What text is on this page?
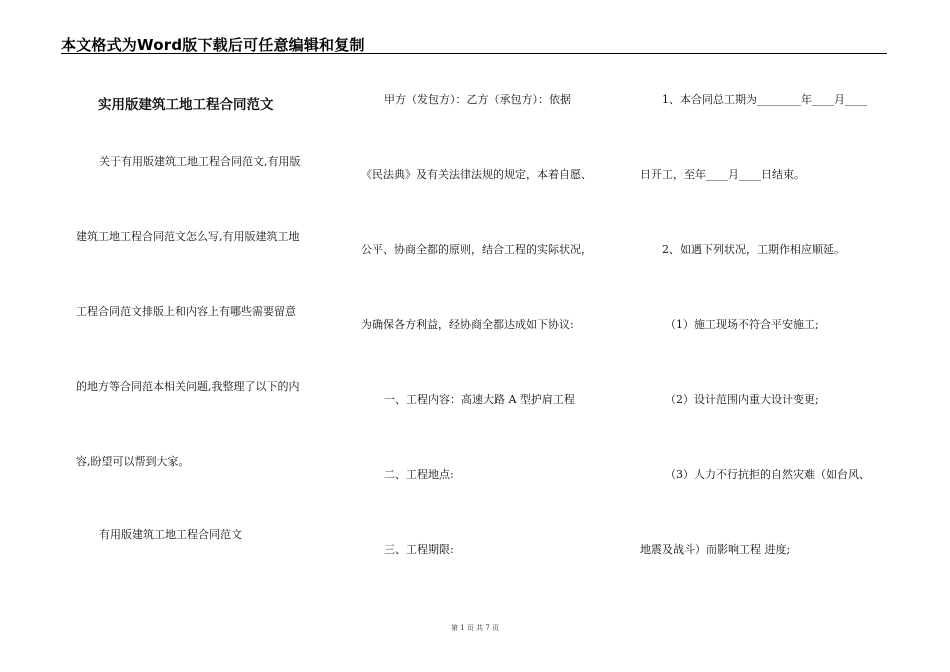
本文格式为Word版下载后可任意编辑和复制
实用版建筑工地工程合同范文
关于有用版建筑工地工程合同范文,有用版
建筑工地工程合同范文怎么写,有用版建筑工地
工程合同范文排版上和内容上有哪些需要留意
的地方等合同范本相关问题,我整理了以下的内
容,盼望可以帮到大家。
有用版建筑工地工程合同范文
甲方（发包方）：乙方（承包方）：依据
《民法典》及有关法律法规的规定，本着自愿、
公平、协商全都的原则，结合工程的实际状况，
为确保各方利益，经协商全都达成如下协议:
一、工程内容：高速大路 A 型护肩工程
二、工程地点:
三、工程期限:
1、本合同总工期为________年____月____
日开工，至年____月____日结束。
2、如遇下列状况，工期作相应顺延。
（1）施工现场不符合平安施工;
（2）设计范围内重大设计变更;
（3）人力不行抗拒的自然灾难（如台风、
地震及战斗）而影响工程 进度;
第 1 页 共 7 页
